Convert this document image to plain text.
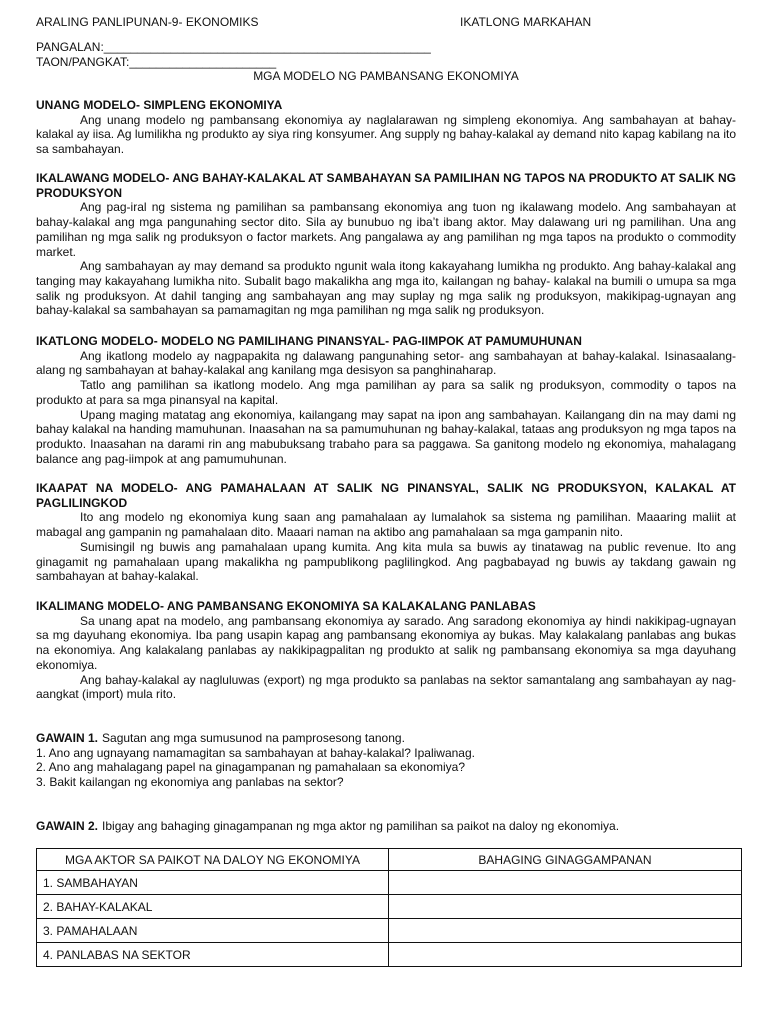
ARALING PANLIPUNAN-9- EKONOMIKS	IKATLONG MARKAHAN
PANGALAN:_________________________________________________
TAON/PANGKAT:______________________
MGA MODELO NG PAMBANSANG EKONOMIYA

UNANG MODELO- SIMPLENG EKONOMIYA

Ang unang modelo ng pambansang ekonomiya ay naglalarawan ng simpleng ekonomiya. Ang sambahayan at bahay-kalakal ay iisa. Ag lumilikha ng produkto ay siya ring konsyumer. Ang supply ng bahay-kalakal ay demand nito kapag kabilang na ito sa sambahayan.

IKALAWANG MODELO- ANG BAHAY-KALAKAL AT SAMBAHAYAN SA PAMILIHAN NG TAPOS NA PRODUKTO AT SALIK NG PRODUKSYON

Ang pag-iral ng sistema ng pamilihan sa pambansang ekonomiya ang tuon ng ikalawang modelo. Ang sambahayan at bahay-kalakal ang mga pangunahing sector dito. Sila ay bunubuo ng iba’t ibang aktor. May dalawang uri ng pamilihan. Una ang pamilihan ng mga salik ng produksyon o factor markets. Ang pangalawa ay ang pamilihan ng mga tapos na produkto o commodity market.

Ang sambahayan ay may demand sa produkto ngunit wala itong kakayahang lumikha ng produkto. Ang bahay-kalakal ang tanging may kakayahang lumikha nito. Subalit bago makalikha ang mga ito, kailangan ng bahay- kalakal na bumili o umupa sa mga salik ng produksyon. At dahil tanging ang sambahayan ang may suplay ng mga salik ng produksyon, makikipag-ugnayan ang bahay-kalakal sa sambahayan sa pamamagitan ng mga pamilihan ng mga salik ng produksyon.

IKATLONG MODELO- MODELO NG PAMILIHANG PINANSYAL- PAG-IIMPOK AT PAMUMUHUNAN

Ang ikatlong modelo ay nagpapakita ng dalawang pangunahing setor- ang sambahayan at bahay-kalakal. Isinasaalang-alang ng sambahayan at bahay-kalakal ang kanilang mga desisyon sa panghinaharap.

Tatlo ang pamilihan sa ikatlong modelo. Ang mga pamilihan ay para sa salik ng produksyon, commodity o tapos na produkto at para sa mga pinansyal na kapital.

Upang maging matatag ang ekonomiya, kailangang may sapat na ipon ang sambahayan. Kailangang din na may dami ng bahay kalakal na handing mamuhunan. Inaasahan na sa pamumuhunan ng bahay-kalakal, tataas ang produksyon ng mga tapos na produkto. Inaasahan na darami rin ang mabubuksang trabaho para sa paggawa. Sa ganitong modelo ng ekonomiya, mahalagang balance ang pag-iimpok at ang pamumuhunan.

IKAAPAT NA MODELO- ANG PAMAHALAAN AT SALIK NG PINANSYAL, SALIK NG PRODUKSYON, KALAKAL AT PAGLILINGKOD

Ito ang modelo ng ekonomiya kung saan ang pamahalaan ay lumalahok sa sistema ng pamilihan. Maaaring maliit at mabagal ang gampanin ng pamahalaan dito. Maaari naman na aktibo ang pamahalaan sa mga gampanin nito.

Sumisingil ng buwis ang pamahalaan upang kumita. Ang kita mula sa buwis ay tinatawag na public revenue. Ito ang ginagamit ng pamahalaan upang makalikha ng pampublikong paglilingkod. Ang pagbabayad ng buwis ay takdang gawain ng sambahayan at bahay-kalakal.

IKALIMANG MODELO- ANG PAMBANSANG EKONOMIYA SA KALAKALANG PANLABAS

Sa unang apat na modelo, ang pambansang ekonomiya ay sarado. Ang saradong ekonomiya ay hindi nakikipag-ugnayan sa mg dayuhang ekonomiya. Iba pang usapin kapag ang pambansang ekonomiya ay bukas. May kalakalang panlabas ang bukas na ekonomiya. Ang kalakalang panlabas ay nakikipagpalitan ng produkto at salik ng pambansang ekonomiya sa mga dayuhang ekonomiya.

Ang bahay-kalakal ay nagluluwas (export) ng mga produkto sa panlabas na sektor samantalang ang sambahayan ay nag-aangkat (import) mula rito.

GAWAIN 1. Sagutan ang mga sumusunod na pamprosesong tanong.

1. Ano ang ugnayang namamagitan sa sambahayan at bahay-kalakal? Ipaliwanag.

2. Ano ang mahalagang papel na ginagampanan ng pamahalaan sa ekonomiya?

3. Bakit kailangan ng ekonomiya ang panlabas na sektor?

GAWAIN 2. Ibigay ang bahaging ginagampanan ng mga aktor ng pamilihan sa paikot na daloy ng ekonomiya.
MGA AKTOR SA PAIKOT NA DALOY NG EKONOMIYA	BAHAGING GINAGGAMPANAN
1. SAMBAHAYAN	
2. BAHAY-KALAKAL	
3. PAMAHALAAN	
4. PANLABAS NA SEKTOR	
